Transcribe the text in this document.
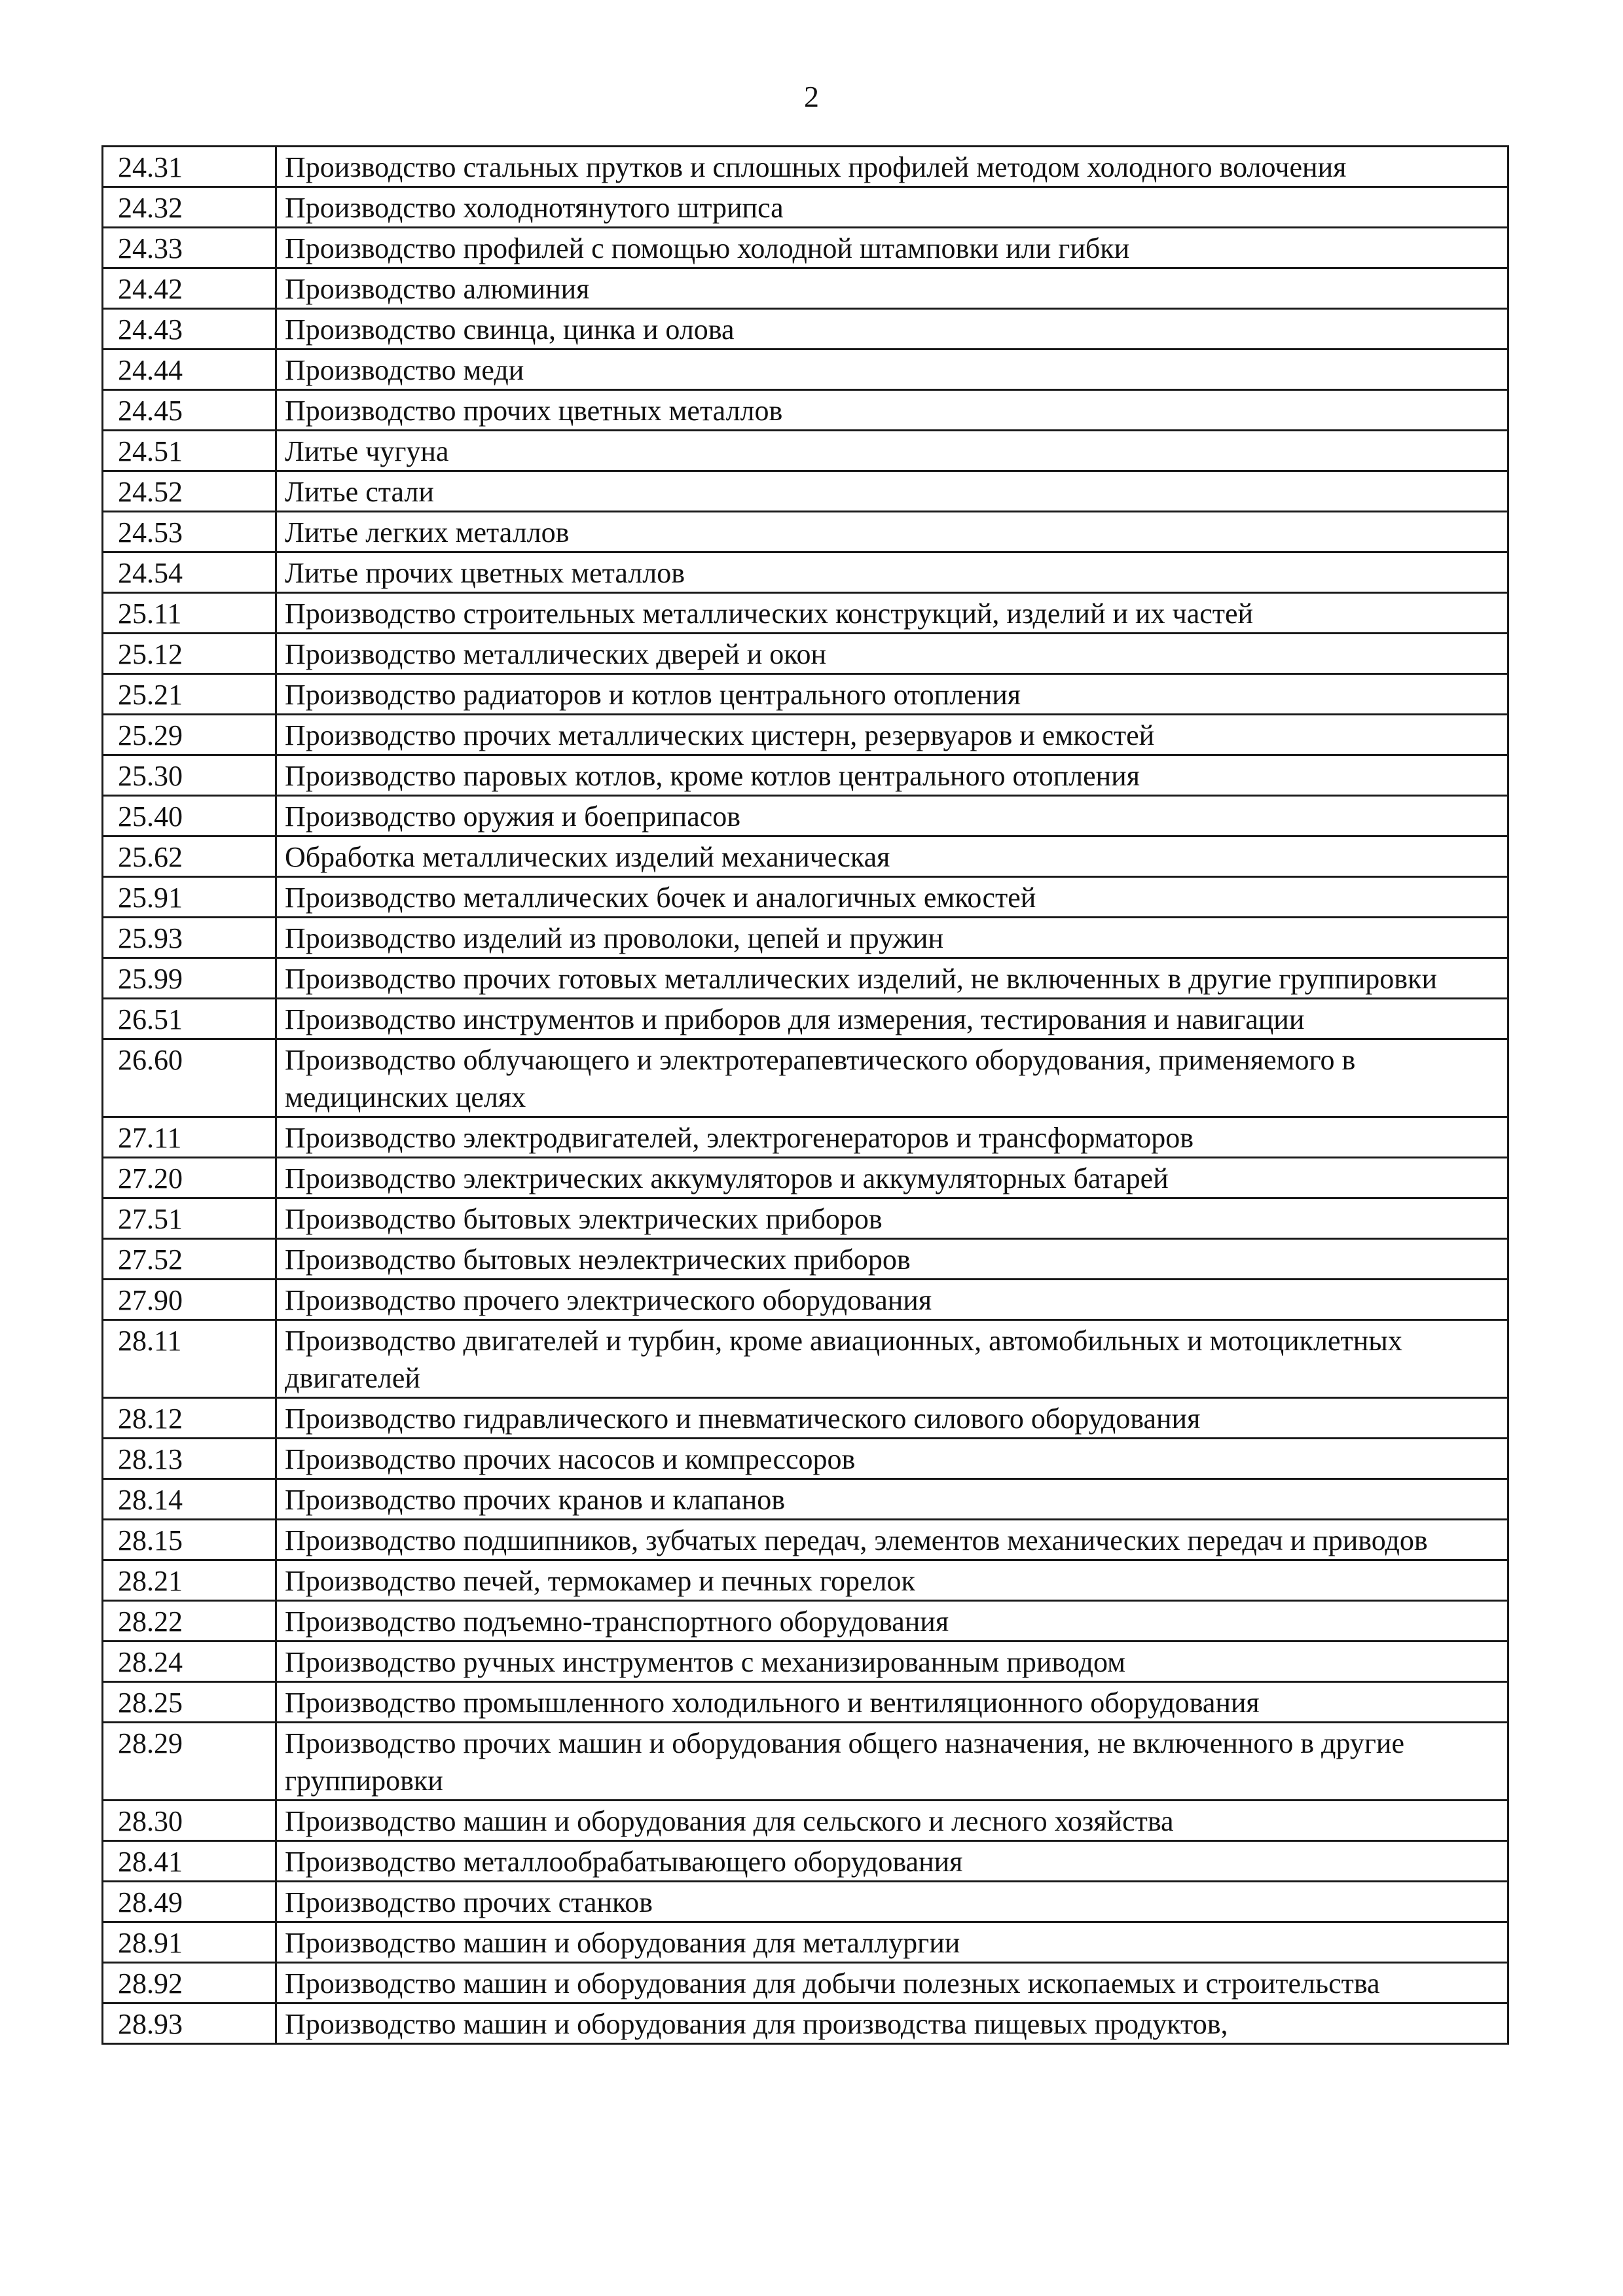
2
24.31	Производство стальных прутков и сплошных профилей методом холодного волочения
24.32	Производство холоднотянутого штрипса
24.33	Производство профилей с помощью холодной штамповки или гибки
24.42	Производство алюминия
24.43	Производство свинца, цинка и олова
24.44	Производство меди
24.45	Производство прочих цветных металлов
24.51	Литье чугуна
24.52	Литье стали
24.53	Литье легких металлов
24.54	Литье прочих цветных металлов
25.11	Производство строительных металлических конструкций, изделий и их частей
25.12	Производство металлических дверей и окон
25.21	Производство радиаторов и котлов центрального отопления
25.29	Производство прочих металлических цистерн, резервуаров и емкостей
25.30	Производство паровых котлов, кроме котлов центрального отопления
25.40	Производство оружия и боеприпасов
25.62	Обработка металлических изделий механическая
25.91	Производство металлических бочек и аналогичных емкостей
25.93	Производство изделий из проволоки, цепей и пружин
25.99	Производство прочих готовых металлических изделий, не включенных в другие группировки
26.51	Производство инструментов и приборов для измерения, тестирования и навигации
26.60	Производство облучающего и электротерапевтического оборудования, применяемого в медицинских целях
27.11	Производство электродвигателей, электрогенераторов и трансформаторов
27.20	Производство электрических аккумуляторов и аккумуляторных батарей
27.51	Производство бытовых электрических приборов
27.52	Производство бытовых неэлектрических приборов
27.90	Производство прочего электрического оборудования
28.11	Производство двигателей и турбин, кроме авиационных, автомобильных и мотоциклетных двигателей
28.12	Производство гидравлического и пневматического силового оборудования
28.13	Производство прочих насосов и компрессоров
28.14	Производство прочих кранов и клапанов
28.15	Производство подшипников, зубчатых передач, элементов механических передач и приводов
28.21	Производство печей, термокамер и печных горелок
28.22	Производство подъемно-транспортного оборудования
28.24	Производство ручных инструментов с механизированным приводом
28.25	Производство промышленного холодильного и вентиляционного оборудования
28.29	Производство прочих машин и оборудования общего назначения, не включенного в другие группировки
28.30	Производство машин и оборудования для сельского и лесного хозяйства
28.41	Производство металлообрабатывающего оборудования
28.49	Производство прочих станков
28.91	Производство машин и оборудования для металлургии
28.92	Производство машин и оборудования для добычи полезных ископаемых и строительства
28.93	Производство машин и оборудования для производства пищевых продуктов,
